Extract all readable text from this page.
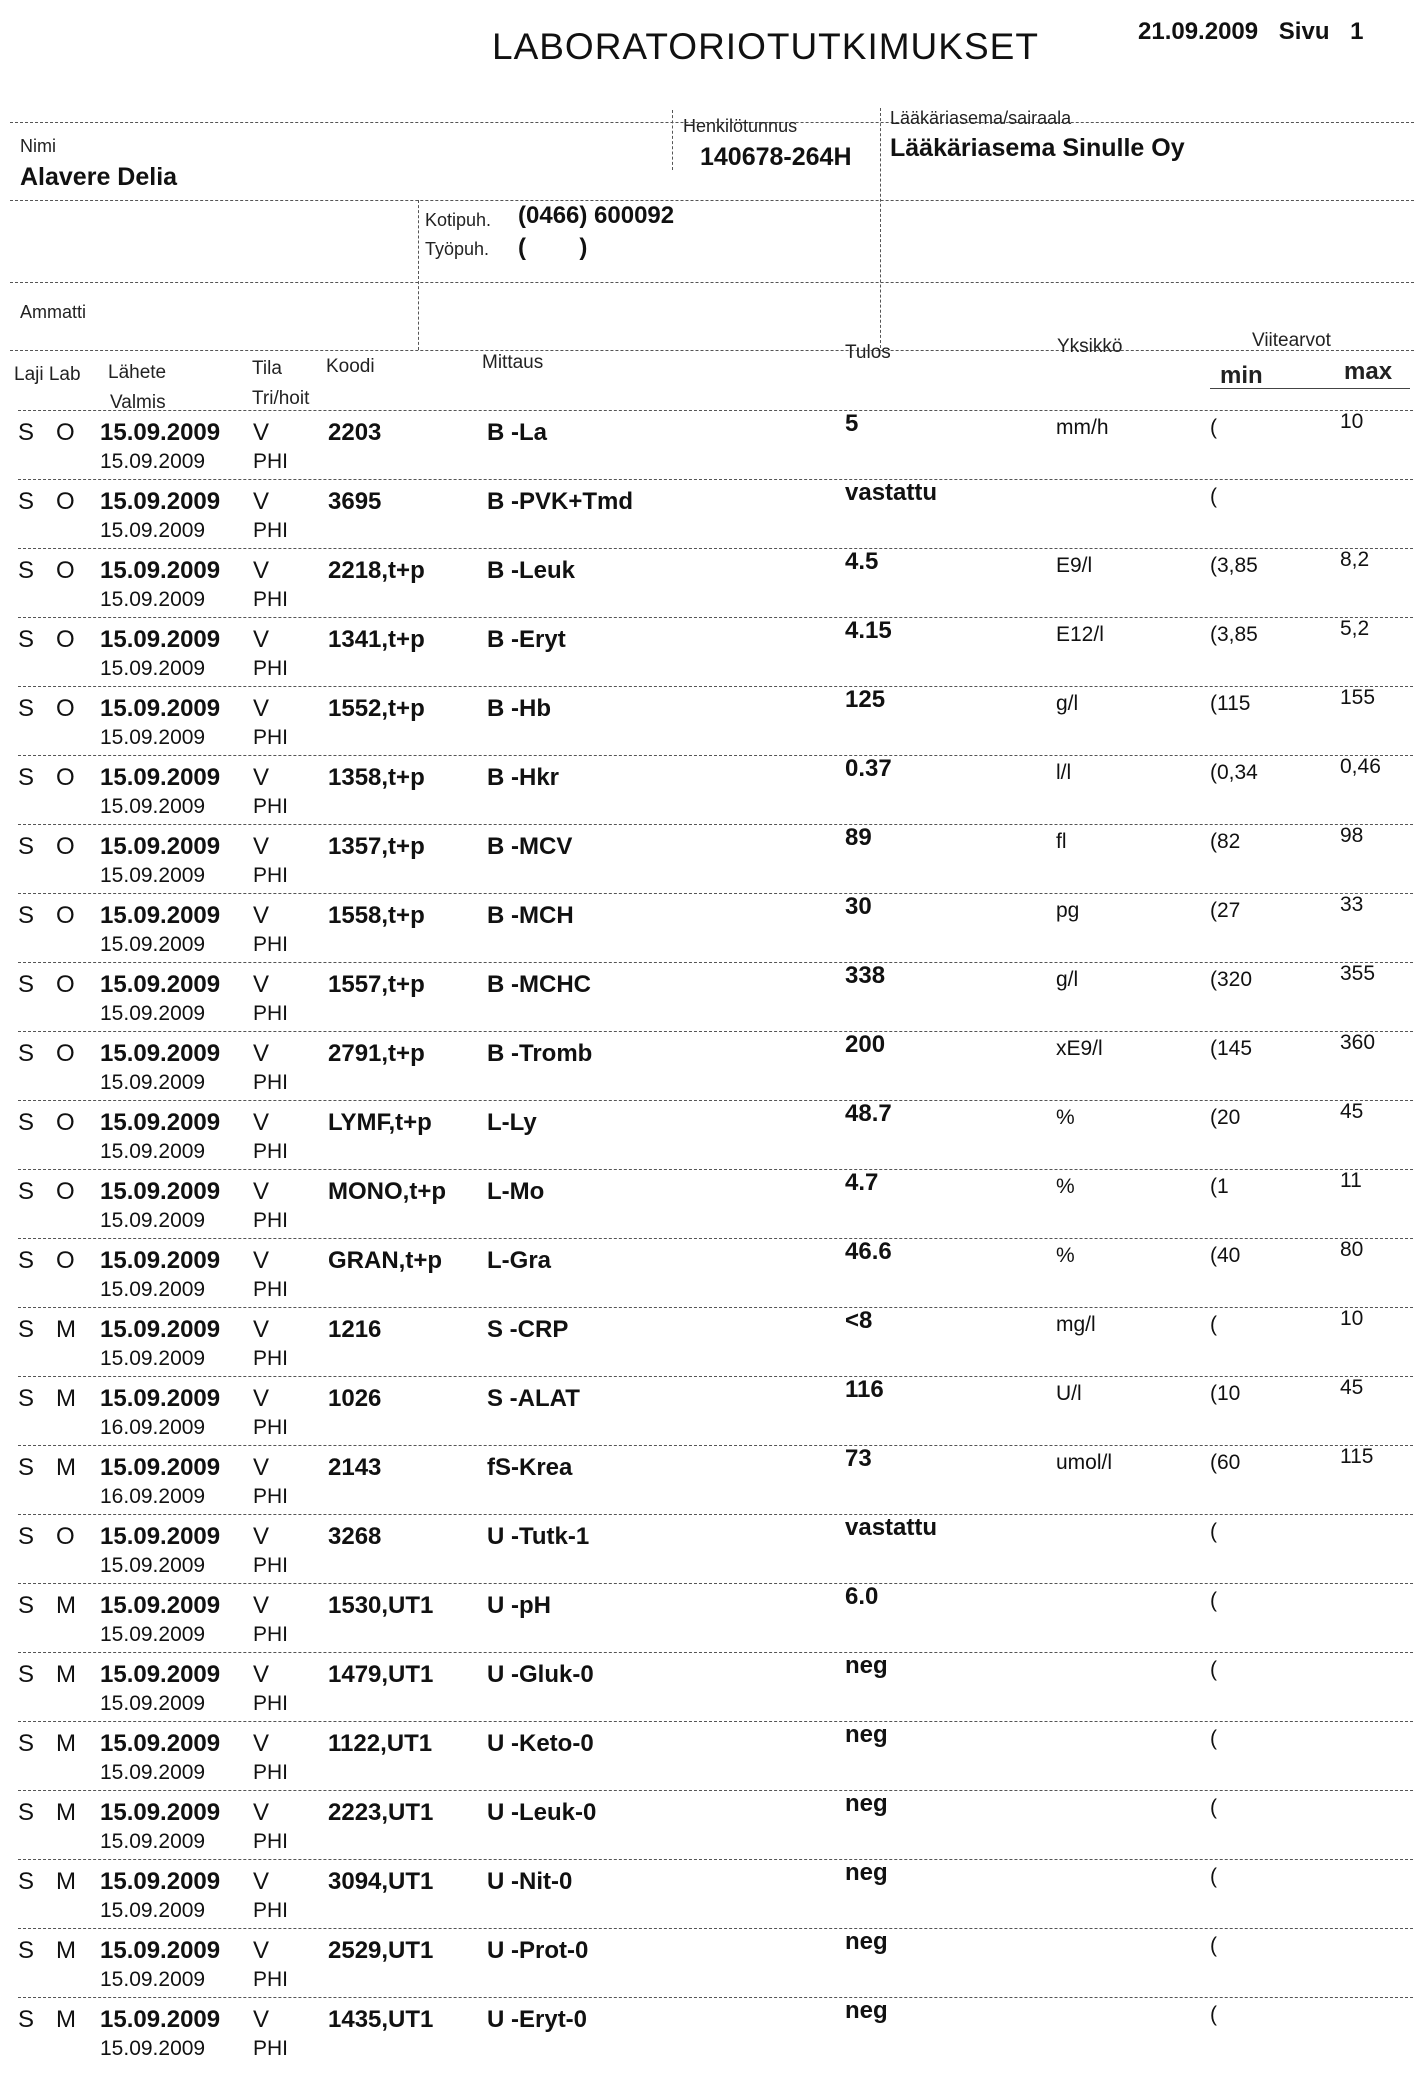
LABORATORIOTUTKIMUKSET	21.09.2009 Sivu 1
Nimi
Alavere Delia
Henkilötunnus
140678-264H
Lääkäriasema/sairaala
Lääkäriasema Sinulle Oy
Kotipuh. (0466) 600092
Työpuh. (        )
Ammatti
Laji Lab Lähete
Valmis
Tila
Tri/hoit
Koodi	Mittaus	Tulos	Yksikkö	Viitearvot
min	max
S O 15.09.2009 V 2203	B -La	5	mm/h	(	10
15.09.2009 PHI
S O 15.09.2009 V 3695	B -PVK+Tmd	vastattu	(
15.09.2009 PHI
S O 15.09.2009 V 2218,t+p	B -Leuk	4.5	E9/l	(3,85	8,2
15.09.2009 PHI
S O 15.09.2009 V 1341,t+p	B -Eryt	4.15	E12/l	(3,85	5,2
15.09.2009 PHI
S O 15.09.2009 V 1552,t+p	B -Hb	125	g/l	(115	155
15.09.2009 PHI
S O 15.09.2009 V 1358,t+p	B -Hkr	0.37	l/l	(0,34	0,46
15.09.2009 PHI
S O 15.09.2009 V 1357,t+p	B -MCV	89	fl	(82	98
15.09.2009 PHI
S O 15.09.2009 V 1558,t+p	B -MCH	30	pg	(27	33
15.09.2009 PHI
S O 15.09.2009 V 1557,t+p	B -MCHC	338	g/l	(320	355
15.09.2009 PHI
S O 15.09.2009 V 2791,t+p	B -Tromb	200	xE9/l	(145	360
15.09.2009 PHI
S O 15.09.2009 V LYMF,t+p L-Ly	48.7	%	(20	45
15.09.2009 PHI
S O 15.09.2009 V MONO,t+p L-Mo	4.7	%	(1	11
15.09.2009 PHI
S O 15.09.2009 V GRAN,t+p L-Gra	46.6	%	(40	80
15.09.2009 PHI
S M 15.09.2009 V 1216	S -CRP	<8	mg/l	(	10
15.09.2009 PHI
S M 15.09.2009 V 1026	S -ALAT	116	U/l	(10	45
16.09.2009 PHI
S M 15.09.2009 V 2143	fS-Krea	73	umol/l	(60	115
16.09.2009 PHI
S O 15.09.2009 V 3268	U -Tutk-1	vastattu	(
15.09.2009 PHI
S M 15.09.2009 V 1530,UT1 U -pH	6.0	(
15.09.2009 PHI
S M 15.09.2009 V 1479,UT1 U -Gluk-0	neg	(
15.09.2009 PHI
S M 15.09.2009 V 1122,UT1 U -Keto-0	neg	(
15.09.2009 PHI
S M 15.09.2009 V 2223,UT1 U -Leuk-0	neg	(
15.09.2009 PHI
S M 15.09.2009 V 3094,UT1 U -Nit-0	neg	(
15.09.2009 PHI
S M 15.09.2009 V 2529,UT1 U -Prot-0	neg	(
15.09.2009 PHI
S M 15.09.2009 V 1435,UT1 U -Eryt-0	neg	(
15.09.2009 PHI
